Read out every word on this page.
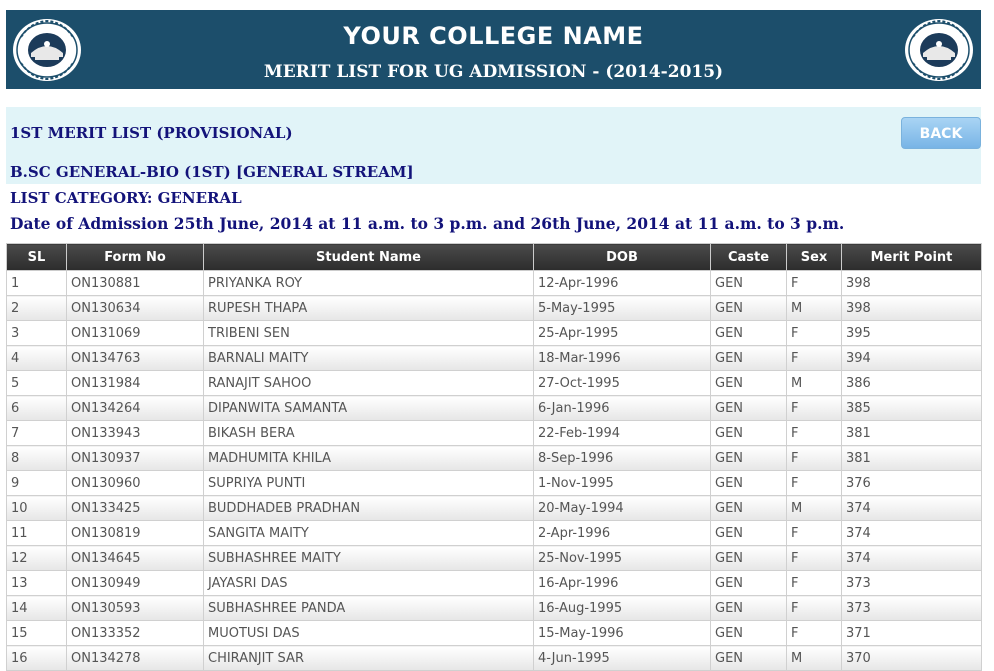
YOUR COLLEGE NAME
MERIT LIST FOR UG ADMISSION - (2014-2015)
1ST MERIT LIST (PROVISIONAL)
B.SC GENERAL-BIO (1ST) [GENERAL STREAM]
LIST CATEGORY: GENERAL
Date of Admission 25th June, 2014 at 11 a.m. to 3 p.m. and 26th June, 2014 at 11 a.m. to 3 p.m.
BACK
SL	Form No	Student Name	DOB	Caste	Sex	Merit Point
1	ON130881	PRIYANKA ROY	12-Apr-1996	GEN	F	398
2	ON130634	RUPESH THAPA	5-May-1995	GEN	M	398
3	ON131069	TRIBENI SEN	25-Apr-1995	GEN	F	395
4	ON134763	BARNALI MAITY	18-Mar-1996	GEN	F	394
5	ON131984	RANAJIT SAHOO	27-Oct-1995	GEN	M	386
6	ON134264	DIPANWITA SAMANTA	6-Jan-1996	GEN	F	385
7	ON133943	BIKASH BERA	22-Feb-1994	GEN	F	381
8	ON130937	MADHUMITA KHILA	8-Sep-1996	GEN	F	381
9	ON130960	SUPRIYA PUNTI	1-Nov-1995	GEN	F	376
10	ON133425	BUDDHADEB PRADHAN	20-May-1994	GEN	M	374
11	ON130819	SANGITA MAITY	2-Apr-1996	GEN	F	374
12	ON134645	SUBHASHREE MAITY	25-Nov-1995	GEN	F	374
13	ON130949	JAYASRI DAS	16-Apr-1996	GEN	F	373
14	ON130593	SUBHASHREE PANDA	16-Aug-1995	GEN	F	373
15	ON133352	MUOTUSI DAS	15-May-1996	GEN	F	371
16	ON134278	CHIRANJIT SAR	4-Jun-1995	GEN	M	370
